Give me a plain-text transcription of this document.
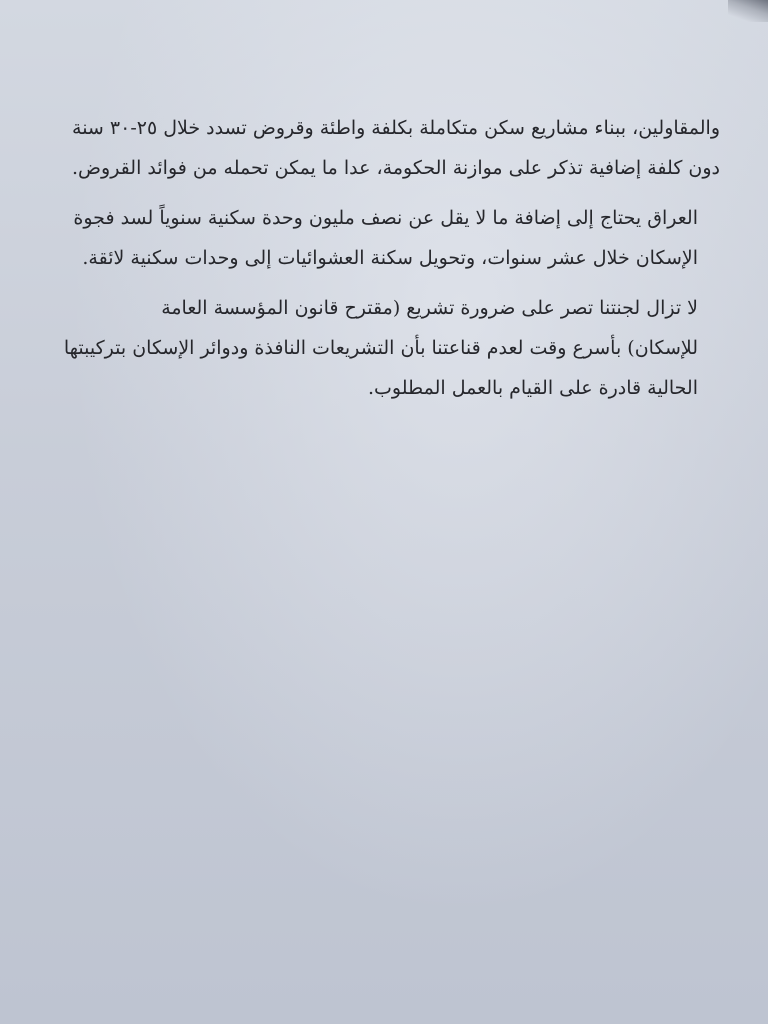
والمقاولين، ببناء مشاريع سكن متكاملة بكلفة واطئة وقروض تسدد خلال ٢٥-٣٠ سنة
دون كلفة إضافية تذكر على موازنة الحكومة، عدا ما يمكن تحمله من فوائد القروض.

العراق يحتاج إلى إضافة ما لا يقل عن نصف مليون وحدة سكنية سنوياً لسد فجوة
الإسكان خلال عشر سنوات، وتحويل سكنة العشوائيات إلى وحدات سكنية لائقة.

لا تزال لجنتنا تصر على ضرورة تشريع (مقترح قانون المؤسسة العامة
للإسكان) بأسرع وقت لعدم قناعتنا بأن التشريعات النافذة ودوائر الإسكان بتركيبتها
الحالية قادرة على القيام بالعمل المطلوب.
